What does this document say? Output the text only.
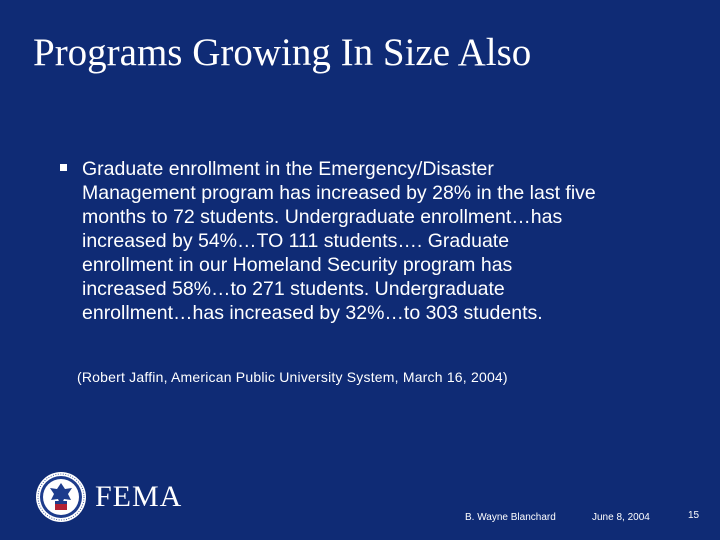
Programs Growing In Size Also
Graduate enrollment in the Emergency/Disaster
Management program has increased by 28% in the last five
months to 72 students. Undergraduate enrollment…has
increased by 54%…TO 111 students…. Graduate
enrollment in our Homeland Security program has
increased 58%…to 271 students. Undergraduate
enrollment…has increased by 32%…to 303 students.
(Robert Jaffin, American Public University System, March 16, 2004)
FEMA
B. Wayne Blanchard	June 8, 2004	15
